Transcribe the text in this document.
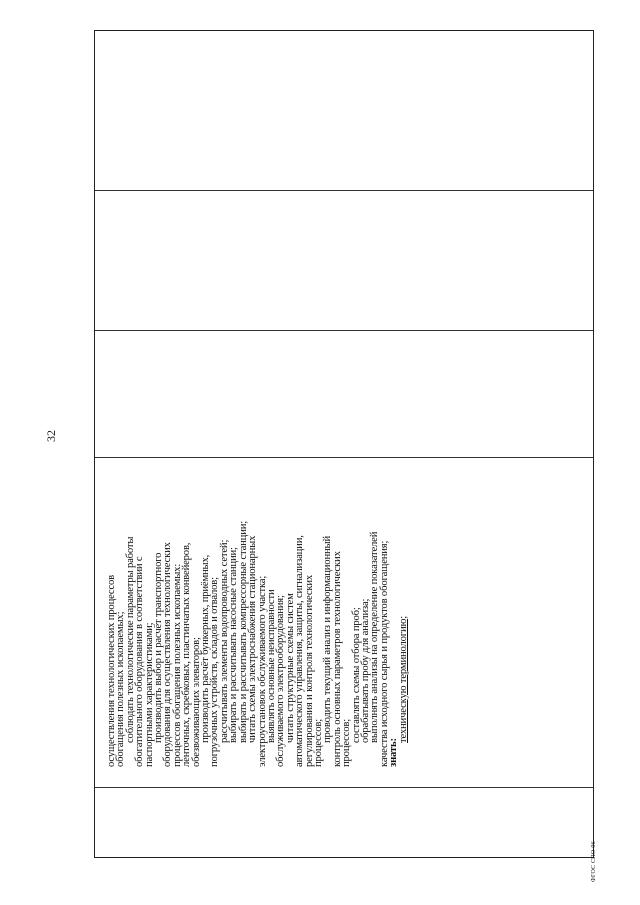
32
осуществления технологических процессов
обогащения полезных ископаемых;
соблюдать технологические параметры работы
обогатительного оборудования в соответствии с
паспортными характеристиками;
производить выбор и расчёт транспортного
оборудования для осуществления технологических
процессов обогащения полезных ископаемых:
ленточных, скребковых, пластинчатых конвейеров,
обезвоживающих элеваторов;
производить расчёт бункерных, приёмных,
погрузочных устройств, складов и отвалов;
рассчитывать элементы водопроводных сетей;
выбирать и рассчитывать насосные станции;
выбирать и рассчитывать компрессорные станции;
читать схемы электроснабжения стационарных
электроустановок обслуживаемого участка;
выявлять основные неисправности
обслуживаемого электрооборудования;
читать структурные схемы систем
автоматического управления, защиты, сигнализации,
регулирования и контроля технологических
процессов;
проводить текущий анализ и информационный
контроль основных параметров технологических
процессов;
составлять схемы отбора проб;
обрабатывать пробу для анализа;
выполнять анализы на определение показателей
качества исходного сырья и продуктов обогащения;
знать:
техническую терминологию;
ФГОС СПО-06
